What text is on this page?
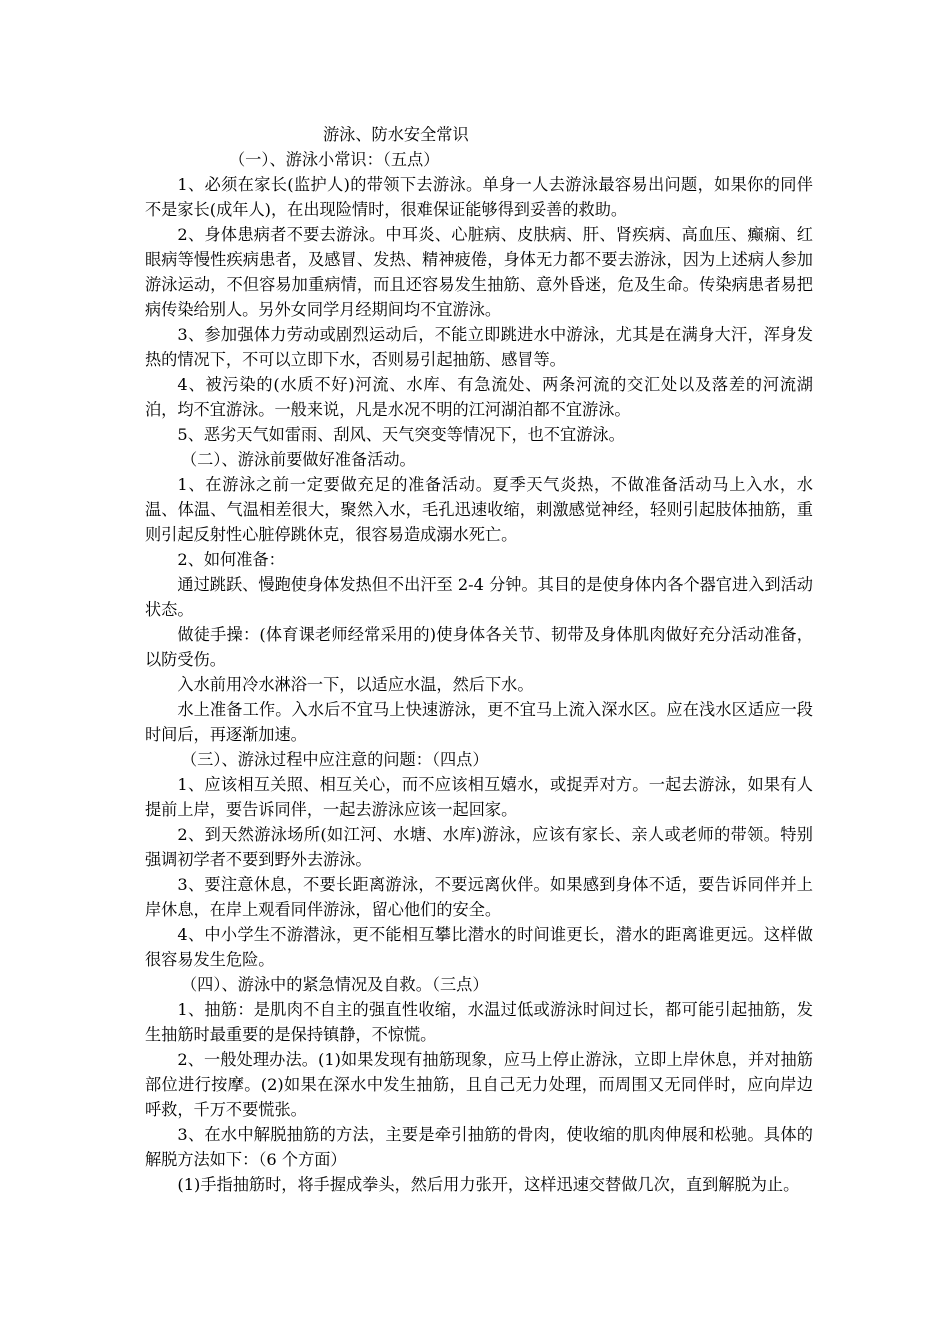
游泳、防水安全常识
（一）、游泳小常识：（五点）
1、必须在家长(监护人)的带领下去游泳。单身一人去游泳最容易出问题，如果你的同伴不是家长(成年人)，在出现险情时，很难保证能够得到妥善的救助。
2、身体患病者不要去游泳。中耳炎、心脏病、皮肤病、肝、肾疾病、高血压、癫痫、红眼病等慢性疾病患者，及感冒、发热、精神疲倦，身体无力都不要去游泳，因为上述病人参加游泳运动，不但容易加重病情，而且还容易发生抽筋、意外昏迷，危及生命。传染病患者易把病传染给别人。另外女同学月经期间均不宜游泳。
3、参加强体力劳动或剧烈运动后，不能立即跳进水中游泳，尤其是在满身大汗，浑身发热的情况下，不可以立即下水，否则易引起抽筋、感冒等。
4、被污染的(水质不好)河流、水库、有急流处、两条河流的交汇处以及落差的河流湖泊，均不宜游泳。一般来说，凡是水况不明的江河湖泊都不宜游泳。
5、恶劣天气如雷雨、刮风、天气突变等情况下，也不宜游泳。
（二）、游泳前要做好准备活动。
1、在游泳之前一定要做充足的准备活动。夏季天气炎热，不做准备活动马上入水，水温、体温、气温相差很大，聚然入水，毛孔迅速收缩，刺激感觉神经，轻则引起肢体抽筋，重则引起反射性心脏停跳休克，很容易造成溺水死亡。
2、如何准备：
通过跳跃、慢跑使身体发热但不出汗至 2-4 分钟。其目的是使身体内各个器官进入到活动状态。
做徒手操：(体育课老师经常采用的)使身体各关节、韧带及身体肌肉做好充分活动准备，以防受伤。
入水前用冷水淋浴一下，以适应水温，然后下水。
水上准备工作。入水后不宜马上快速游泳，更不宜马上流入深水区。应在浅水区适应一段时间后，再逐渐加速。
（三）、游泳过程中应注意的问题：（四点）
1、应该相互关照、相互关心，而不应该相互嬉水，或捉弄对方。一起去游泳，如果有人提前上岸，要告诉同伴，一起去游泳应该一起回家。
2、到天然游泳场所(如江河、水塘、水库)游泳，应该有家长、亲人或老师的带领。特别强调初学者不要到野外去游泳。
3、要注意休息，不要长距离游泳，不要远离伙伴。如果感到身体不适，要告诉同伴并上岸休息，在岸上观看同伴游泳，留心他们的安全。
4、中小学生不游潜泳，更不能相互攀比潜水的时间谁更长，潜水的距离谁更远。这样做很容易发生危险。
（四）、游泳中的紧急情况及自救。（三点）
1、抽筋：是肌肉不自主的强直性收缩，水温过低或游泳时间过长，都可能引起抽筋，发生抽筋时最重要的是保持镇静，不惊慌。
2、一般处理办法。(1)如果发现有抽筋现象，应马上停止游泳，立即上岸休息，并对抽筋部位进行按摩。(2)如果在深水中发生抽筋，且自己无力处理，而周围又无同伴时，应向岸边呼救，千万不要慌张。
3、在水中解脱抽筋的方法，主要是牵引抽筋的骨肉，使收缩的肌肉伸展和松驰。具体的解脱方法如下：（6 个方面）
(1)手指抽筋时，将手握成拳头，然后用力张开，这样迅速交替做几次，直到解脱为止。
